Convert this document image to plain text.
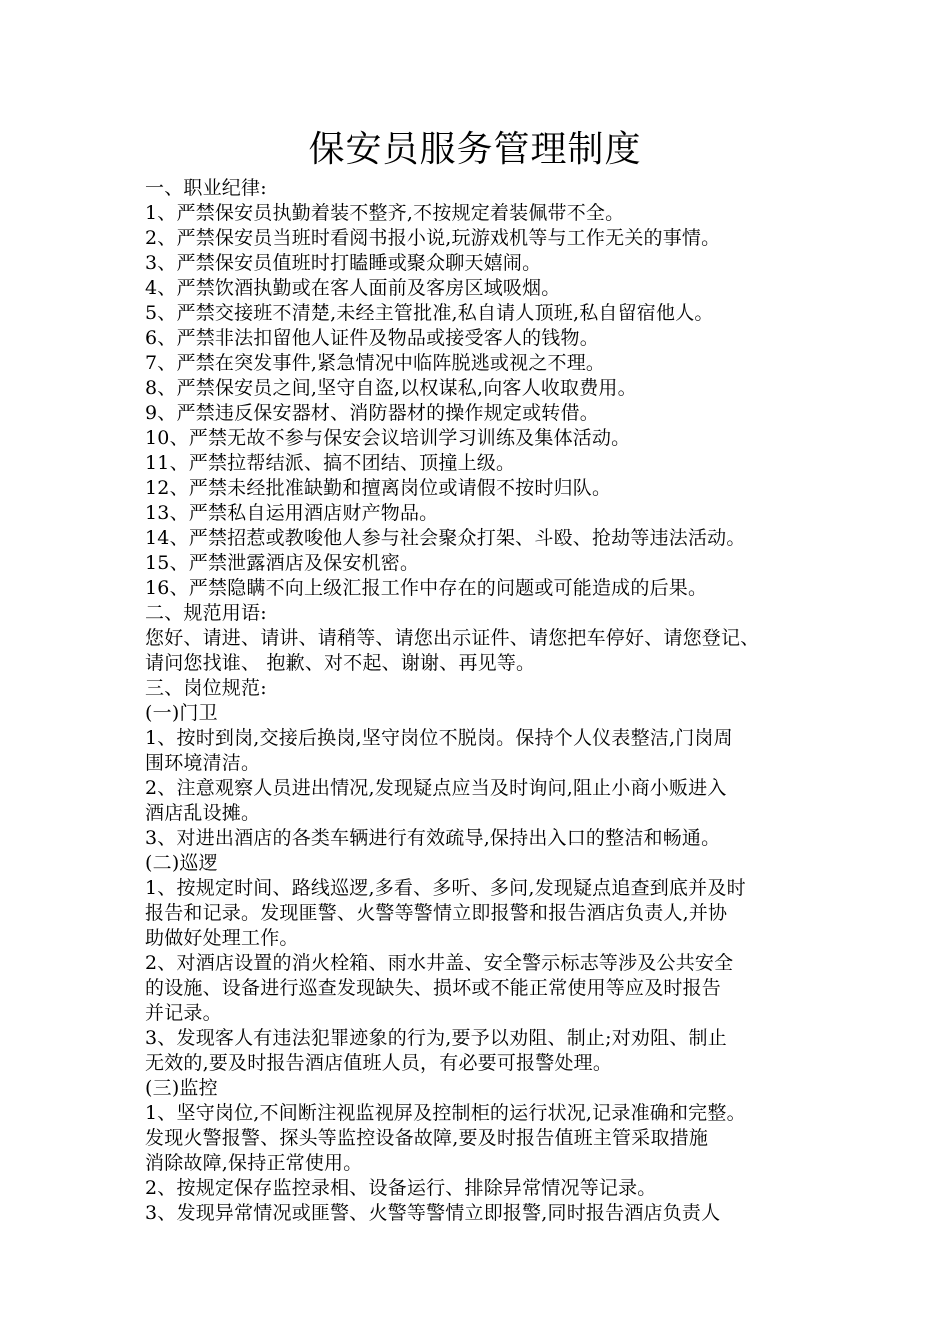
保安员服务管理制度
一、职业纪律:
1、严禁保安员执勤着装不整齐,不按规定着装佩带不全。
2、严禁保安员当班时看阅书报小说,玩游戏机等与工作无关的事情。
3、严禁保安员值班时打瞌睡或聚众聊天嬉闹。
4、严禁饮酒执勤或在客人面前及客房区域吸烟。
5、严禁交接班不清楚,未经主管批准,私自请人顶班,私自留宿他人。
6、严禁非法扣留他人证件及物品或接受客人的钱物。
7、严禁在突发事件,紧急情况中临阵脱逃或视之不理。
8、严禁保安员之间,坚守自盗,以权谋私,向客人收取费用。
9、严禁违反保安器材、消防器材的操作规定或转借。
10、严禁无故不参与保安会议培训学习训练及集体活动。
11、严禁拉帮结派、搞不团结、顶撞上级。
12、严禁未经批准缺勤和擅离岗位或请假不按时归队。
13、严禁私自运用酒店财产物品。
14、严禁招惹或教唆他人参与社会聚众打架、斗殴、抢劫等违法活动。
15、严禁泄露酒店及保安机密。
16、严禁隐瞒不向上级汇报工作中存在的问题或可能造成的后果。
二、规范用语:
您好、请进、请讲、请稍等、请您出示证件、请您把车停好、请您登记、
请问您找谁、 抱歉、对不起、谢谢、再见等。
三、岗位规范:
(一)门卫
1、按时到岗,交接后换岗,坚守岗位不脱岗。保持个人仪表整洁,门岗周
围环境清洁。
2、注意观察人员进出情况,发现疑点应当及时询问,阻止小商小贩进入
酒店乱设摊。
3、对进出酒店的各类车辆进行有效疏导,保持出入口的整洁和畅通。
(二)巡逻
1、按规定时间、路线巡逻,多看、多听、多问,发现疑点追查到底并及时
报告和记录。发现匪警、火警等警情立即报警和报告酒店负责人,并协
助做好处理工作。
2、对酒店设置的消火栓箱、雨水井盖、安全警示标志等涉及公共安全
的设施、设备进行巡查发现缺失、损坏或不能正常使用等应及时报告
并记录。
3、发现客人有违法犯罪迹象的行为,要予以劝阻、制止;对劝阻、制止
无效的,要及时报告酒店值班人员，有必要可报警处理。
(三)监控
1、坚守岗位,不间断注视监视屏及控制柜的运行状况,记录准确和完整。
发现火警报警、探头等监控设备故障,要及时报告值班主管采取措施
消除故障,保持正常使用。
2、按规定保存监控录相、设备运行、排除异常情况等记录。
3、发现异常情况或匪警、火警等警情立即报警,同时报告酒店负责人
